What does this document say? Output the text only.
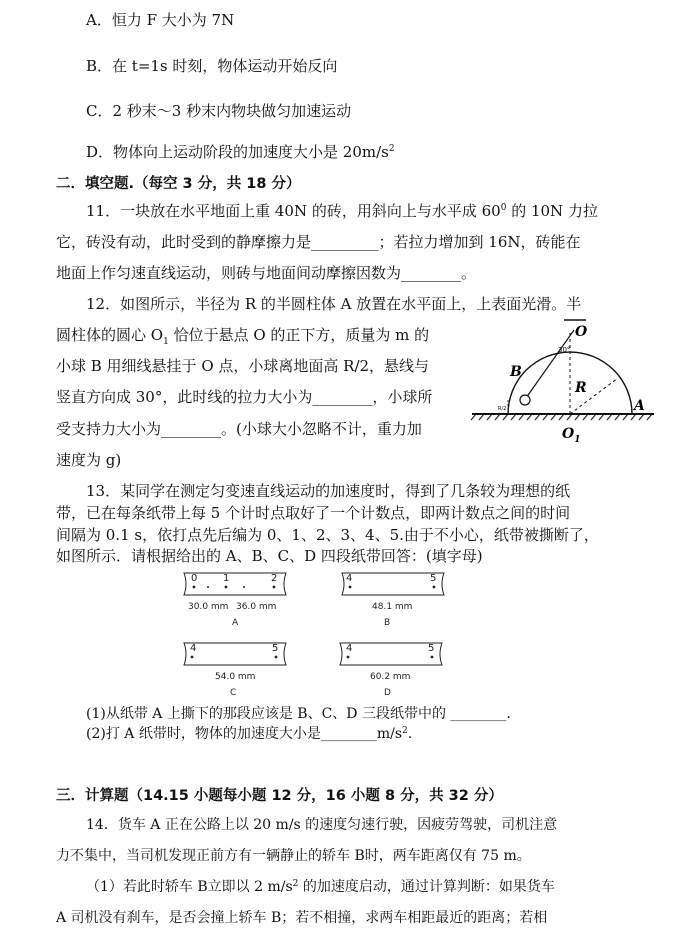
A．恒力 F 大小为 7N
B．在 t=1s 时刻，物体运动开始反向
C．2 秒末～3 秒末内物块做匀加速运动
D．物体向上运动阶段的加速度大小是 $20m/s^2$
二．填空题.（每空 3 分，共 18 分）
11．一块放在水平地面上重 40N 的砖，用斜向上与水平成 $60^0$ 的 10N 力拉
它，砖没有动，此时受到的静摩擦力是_________；若拉力增加到 16N，砖能在
地面上作匀速直线运动，则砖与地面间动摩擦因数为________。
12．如图所示，半径为 R 的半圆柱体 A 放置在水平面上，上表面光滑。半
圆柱体的圆心 $O_1$ 恰位于悬点 O 的正下方，质量为 m 的
小球 B 用细线悬挂于 O 点，小球离地面高 R/2，悬线与
竖直方向成 30°，此时线的拉力大小为________，小球所
受支持力大小为________。(小球大小忽略不计，重力加
速度为 g)
O
30°
B
R/2
R
A
$O_1$
13．某同学在测定匀变速直线运动的加速度时，得到了几条较为理想的纸
带，已在每条纸带上每 5 个计时点取好了一个计数点，即两计数点之间的时间
间隔为 0.1 s，依打点先后编为 0、1、2、3、4、5.由于不小心，纸带被撕断了，
如图所示．请根据给出的 A、B、C、D 四段纸带回答：(填字母)
0	1	2
30.0 mm 36.0 mm
A
4	5
48.1 mm
B
4	5
54.0 mm
C
4	5
60.2 mm
D
(1)从纸带 A 上撕下的那段应该是 B、C、D 三段纸带中的 ________.
(2)打 A 纸带时，物体的加速度大小是$\_\_\_\_\_\_\_\_m/s^2$.
三．计算题（14.15 小题每小题 12 分，16 小题 8 分，共 32 分）
14．货车 A 正在公路上以 20 m/s 的速度匀速行驶，因疲劳驾驶，司机注意
力不集中，当司机发现正前方有一辆静止的轿车 B时，两车距离仅有 75 m。
（1）若此时轿车 B立即以 2 $m/s^2$ 的加速度启动，通过计算判断：如果货车
A 司机没有刹车，是否会撞上轿车 B；若不相撞，求两车相距最近的距离；若相
